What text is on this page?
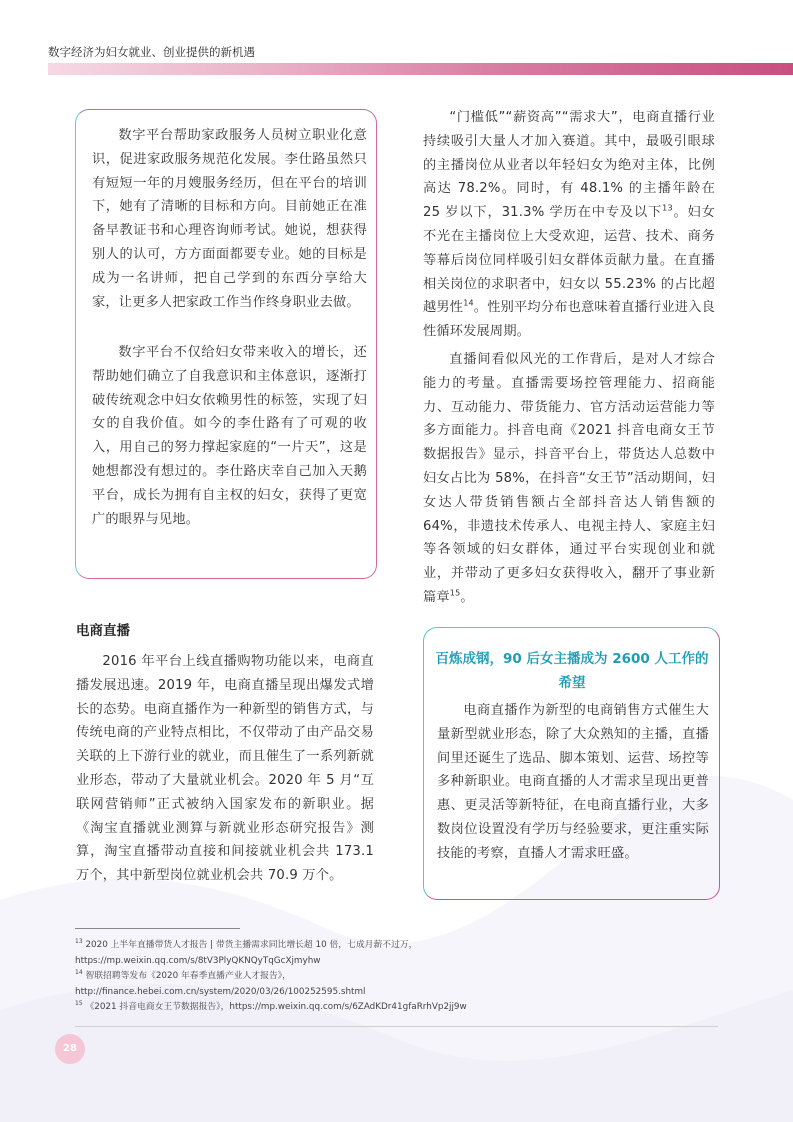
数字经济为妇女就业、创业提供的新机遇

数字平台帮助家政服务人员树立职业化意识，促进家政服务规范化发展。李仕路虽然只有短短一年的月嫂服务经历，但在平台的培训下，她有了清晰的目标和方向。目前她正在准备早教证书和心理咨询师考试。她说，想获得别人的认可，方方面面都要专业。她的目标是成为一名讲师，把自己学到的东西分享给大家，让更多人把家政工作当作终身职业去做。

数字平台不仅给妇女带来收入的增长，还帮助她们确立了自我意识和主体意识，逐渐打破传统观念中妇女依赖男性的标签，实现了妇女的自我价值。如今的李仕路有了可观的收入，用自己的努力撑起家庭的“一片天”，这是她想都没有想过的。李仕路庆幸自己加入天鹅平台，成长为拥有自主权的妇女，获得了更宽广的眼界与见地。

电商直播

2016 年平台上线直播购物功能以来，电商直播发展迅速。2019 年，电商直播呈现出爆发式增长的态势。电商直播作为一种新型的销售方式，与传统电商的产业特点相比，不仅带动了由产品交易关联的上下游行业的就业，而且催生了一系列新就业形态，带动了大量就业机会。2020 年 5 月“互联网营销师”正式被纳入国家发布的新职业。据《淘宝直播就业测算与新就业形态研究报告》测算，淘宝直播带动直接和间接就业机会共 173.1 万个，其中新型岗位就业机会共 70.9 万个。

“门槛低”“薪资高”“需求大”，电商直播行业持续吸引大量人才加入赛道。其中，最吸引眼球的主播岗位从业者以年轻妇女为绝对主体，比例高达 78.2%。同时，有 48.1% 的主播年龄在 25 岁以下，31.3% 学历在中专及以下$^{13}$。妇女不光在主播岗位上大受欢迎，运营、技术、商务等幕后岗位同样吸引妇女群体贡献力量。在直播相关岗位的求职者中，妇女以 55.23% 的占比超越男性$^{14}$。性别平均分布也意味着直播行业进入良性循环发展周期。

直播间看似风光的工作背后，是对人才综合能力的考量。直播需要场控管理能力、招商能力、互动能力、带货能力、官方活动运营能力等多方面能力。抖音电商《2021 抖音电商女王节数据报告》显示，抖音平台上，带货达人总数中妇女占比为 58%，在抖音“女王节”活动期间，妇女达人带货销售额占全部抖音达人销售额的 64%，非遗技术传承人、电视主持人、家庭主妇等各领域的妇女群体，通过平台实现创业和就业，并带动了更多妇女获得收入，翻开了事业新篇章$^{15}$。

百炼成钢，90 后女主播成为 2600 人工作的希望

电商直播作为新型的电商销售方式催生大量新型就业形态，除了大众熟知的主播，直播间里还诞生了选品、脚本策划、运营、场控等多种新职业。电商直播的人才需求呈现出更普惠、更灵活等新特征，在电商直播行业，大多数岗位设置没有学历与经验要求，更注重实际技能的考察，直播人才需求旺盛。

$^{13}$ 2020 上半年直播带货人才报告 | 带货主播需求同比增长超 10 倍，七成月薪不过万，

https://mp.weixin.qq.com/s/8tV3PlyQKNQyTqGcXjmyhw

$^{14}$ 智联招聘等发布《2020 年春季直播产业人才报告》，

http://finance.hebei.com.cn/system/2020/03/26/100252595.shtml

$^{15}$ 《2021 抖音电商女王节数据报告》，https://mp.weixin.qq.com/s/6ZAdKDr41gfaRrhVp2jj9w

28
